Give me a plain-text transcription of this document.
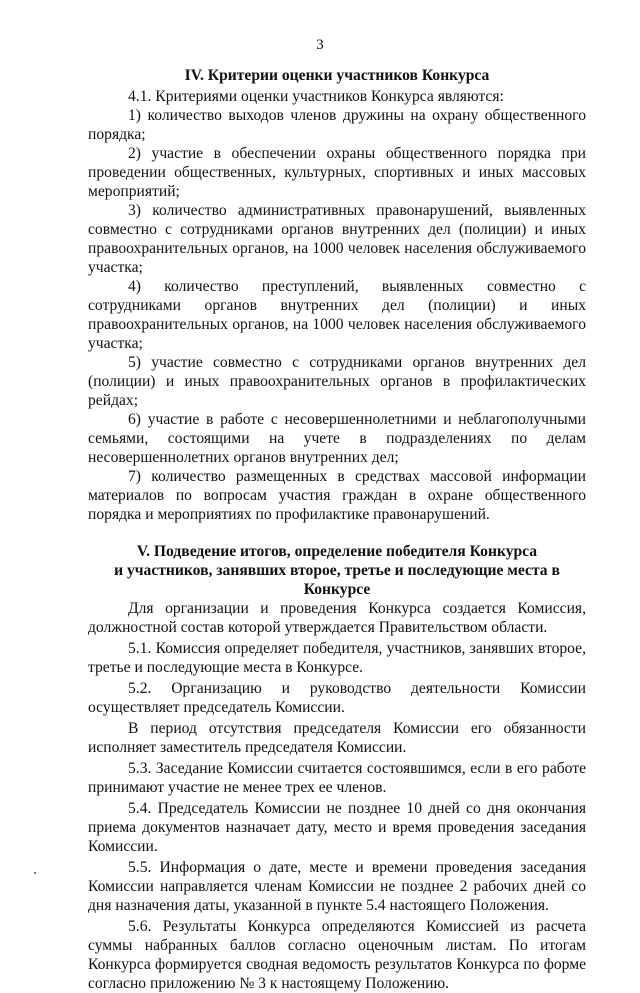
3
IV. Критерии оценки участников Конкурса

4.1. Критериями оценки участников Конкурса являются:

1) количество выходов членов дружины на охрану общественного порядка;

2) участие в обеспечении охраны общественного порядка при проведении общественных, культурных, спортивных и иных массовых мероприятий;

3) количество административных правонарушений, выявленных совместно с сотрудниками органов внутренних дел (полиции) и иных правоохранительных органов, на 1000 человек населения обслуживаемого участка;

4) количество преступлений, выявленных совместно с сотрудниками органов внутренних дел (полиции) и иных правоохранительных органов, на 1000 человек населения обслуживаемого участка;

5) участие совместно с сотрудниками органов внутренних дел (полиции) и иных правоохранительных органов в профилактических рейдах;

6) участие в работе с несовершеннолетними и неблагополучными семьями, состоящими на учете в подразделениях по делам несовершеннолетних органов внутренних дел;

7) количество размещенных в средствах массовой информации материалов по вопросам участия граждан в охране общественного порядка и мероприятиях по профилактике правонарушений.

V. Подведение итогов, определение победителя Конкурса
и участников, занявших второе, третье и последующие места в Конкурсе

Для организации и проведения Конкурса создается Комиссия, должностной состав которой утверждается Правительством области.

5.1. Комиссия определяет победителя, участников, занявших второе, третье и последующие места в Конкурсе.

5.2. Организацию и руководство деятельности Комиссии осуществляет председатель Комиссии.

В период отсутствия председателя Комиссии его обязанности исполняет заместитель председателя Комиссии.

5.3. Заседание Комиссии считается состоявшимся, если в его работе принимают участие не менее трех ее членов.

5.4. Председатель Комиссии не позднее 10 дней со дня окончания приема документов назначает дату, место и время проведения заседания Комиссии.

5.5. Информация о дате, месте и времени проведения заседания Комиссии направляется членам Комиссии не позднее 2 рабочих дней со дня назначения даты, указанной в пункте 5.4 настоящего Положения.

5.6. Результаты Конкурса определяются Комиссией из расчета суммы набранных баллов согласно оценочным листам. По итогам Конкурса формируется сводная ведомость результатов Конкурса по форме согласно приложению № 3 к настоящему Положению.
